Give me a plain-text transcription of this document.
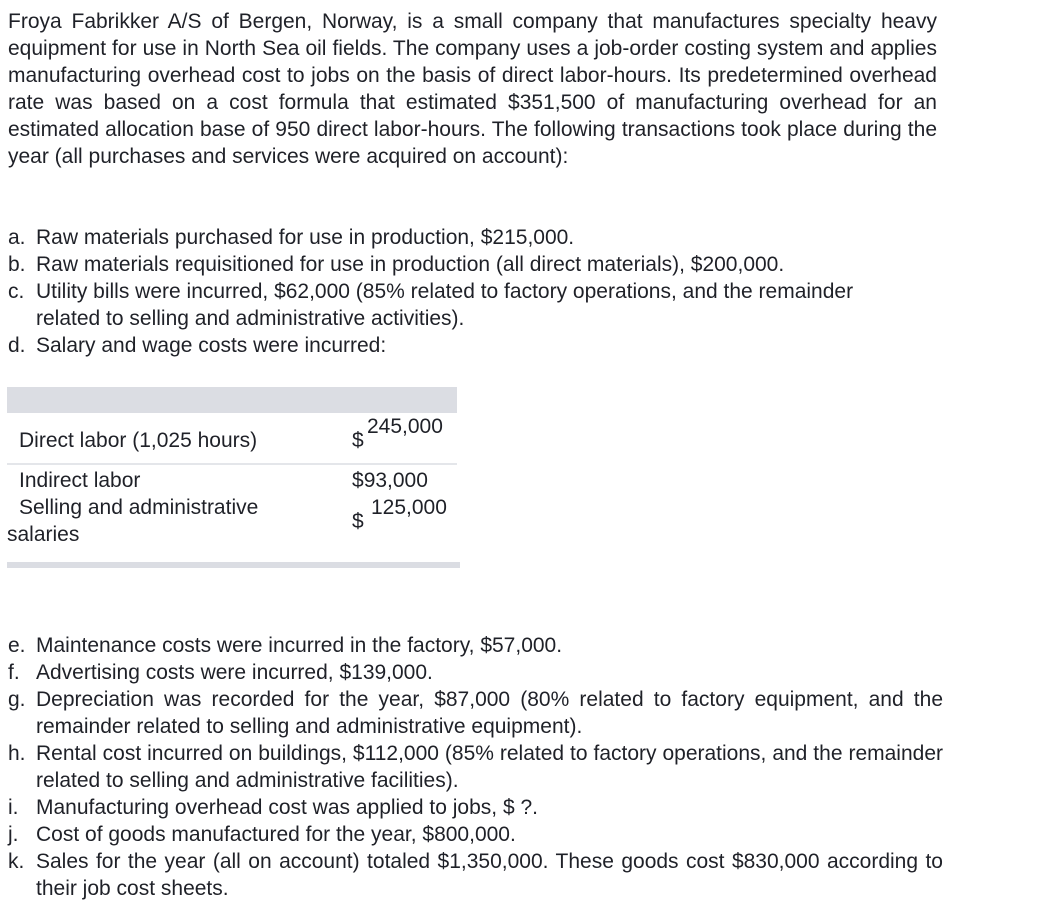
Froya Fabrikker A/S of Bergen, Norway, is a small company that manufactures specialty heavy equipment for use in North Sea oil fields. The company uses a job-order costing system and applies manufacturing overhead cost to jobs on the basis of direct labor-hours. Its predetermined overhead rate was based on a cost formula that estimated $351,500 of manufacturing overhead for an estimated allocation base of 950 direct labor-hours. The following transactions took place during the year (all purchases and services were acquired on account):

a. Raw materials purchased for use in production, $215,000.
b. Raw materials requisitioned for use in production (all direct materials), $200,000.
c. Utility bills were incurred, $62,000 (85% related to factory operations, and the remainder related to selling and administrative activities).
d. Salary and wage costs were incurred:
Direct labor (1,025 hours)	$
245,000
Indirect labor	$93,000
Selling and administrative
salaries
125,000
$
e. Maintenance costs were incurred in the factory, $57,000.
f. Advertising costs were incurred, $139,000.
g. Depreciation was recorded for the year, $87,000 (80% related to factory equipment, and the remainder related to selling and administrative equipment).
h. Rental cost incurred on buildings, $112,000 (85% related to factory operations, and the remainder related to selling and administrative facilities).
i. Manufacturing overhead cost was applied to jobs, $ ?.
j. Cost of goods manufactured for the year, $800,000.
k. Sales for the year (all on account) totaled $1,350,000. These goods cost $830,000 according to their job cost sheets.
